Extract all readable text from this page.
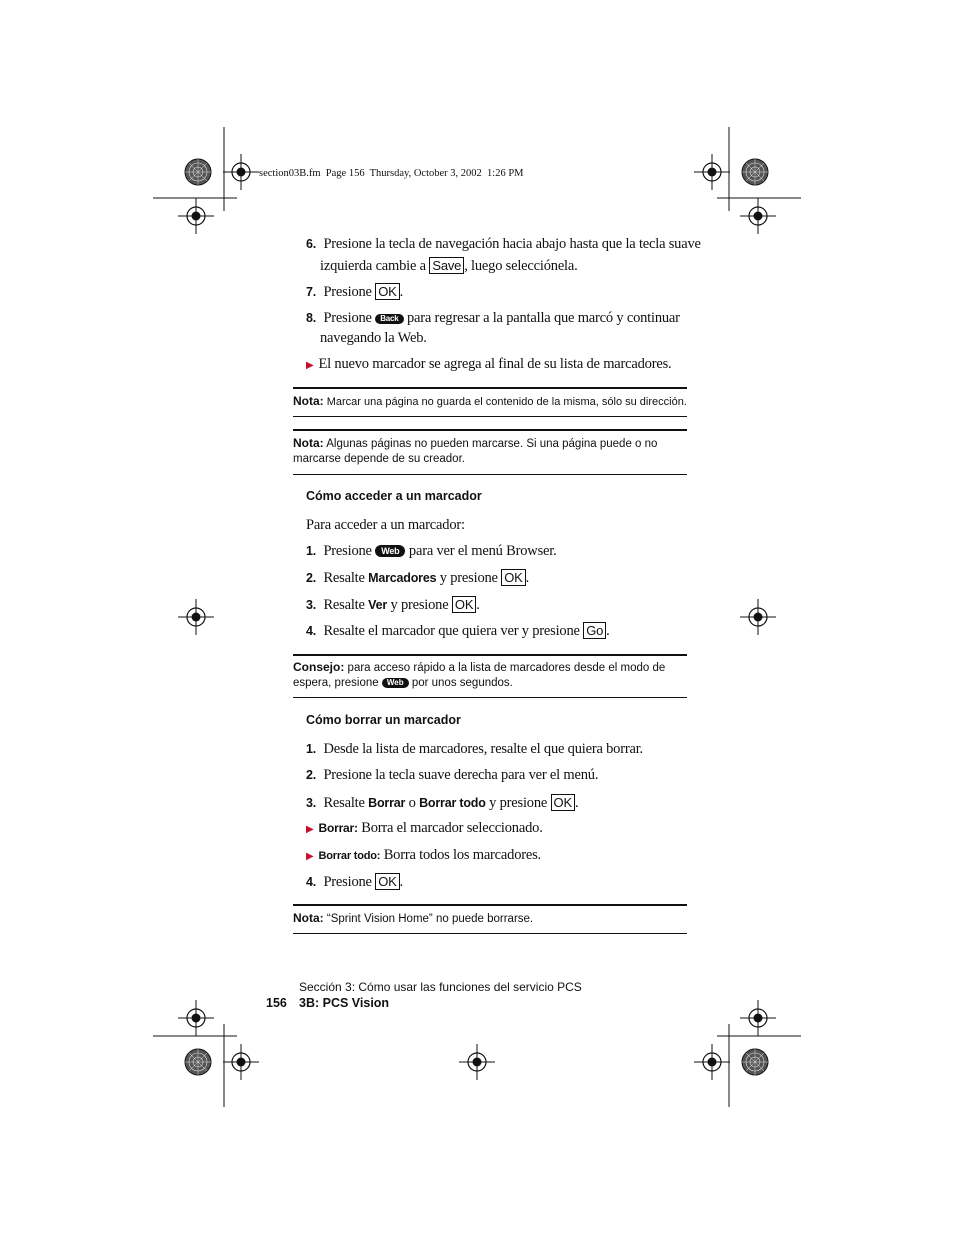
section03B.fm  Page 156  Thursday, October 3, 2002  1:26 PM
6. Presione la tecla de navegación hacia abajo hasta que la tecla suave
izquierda cambie a Save , luego selecciónela.
7. Presione OK .
8. Presione Back para regresar a la pantalla que marcó y continuar
navegando la Web.
▶ El nuevo marcador se agrega al final de su lista de marcadores.
Nota: Marcar una página no guarda el contenido de la misma, sólo su dirección.
Nota: Algunas páginas no pueden marcarse. Si una página puede o no
marcarse depende de su creador.
Cómo acceder a un marcador
Para acceder a un marcador:
1. Presione Web para ver el menú Browser.
2. Resalte Marcadores y presione OK .
3. Resalte Ver y presione OK .
4. Resalte el marcador que quiera ver y presione Go .
Consejo: para acceso rápido a la lista de marcadores desde el modo de
espera, presione Web por unos segundos.
Cómo borrar un marcador
1. Desde la lista de marcadores, resalte el que quiera borrar.
2. Presione la tecla suave derecha para ver el menú.
3. Resalte Borrar o Borrar todo y presione OK .
▶ Borrar: Borra el marcador seleccionado.
▶ Borrar todo: Borra todos los marcadores.
4. Presione OK .
Nota: “Sprint Vision Home” no puede borrarse.
Sección 3: Cómo usar las funciones del servicio PCS
156 3B: PCS Vision
